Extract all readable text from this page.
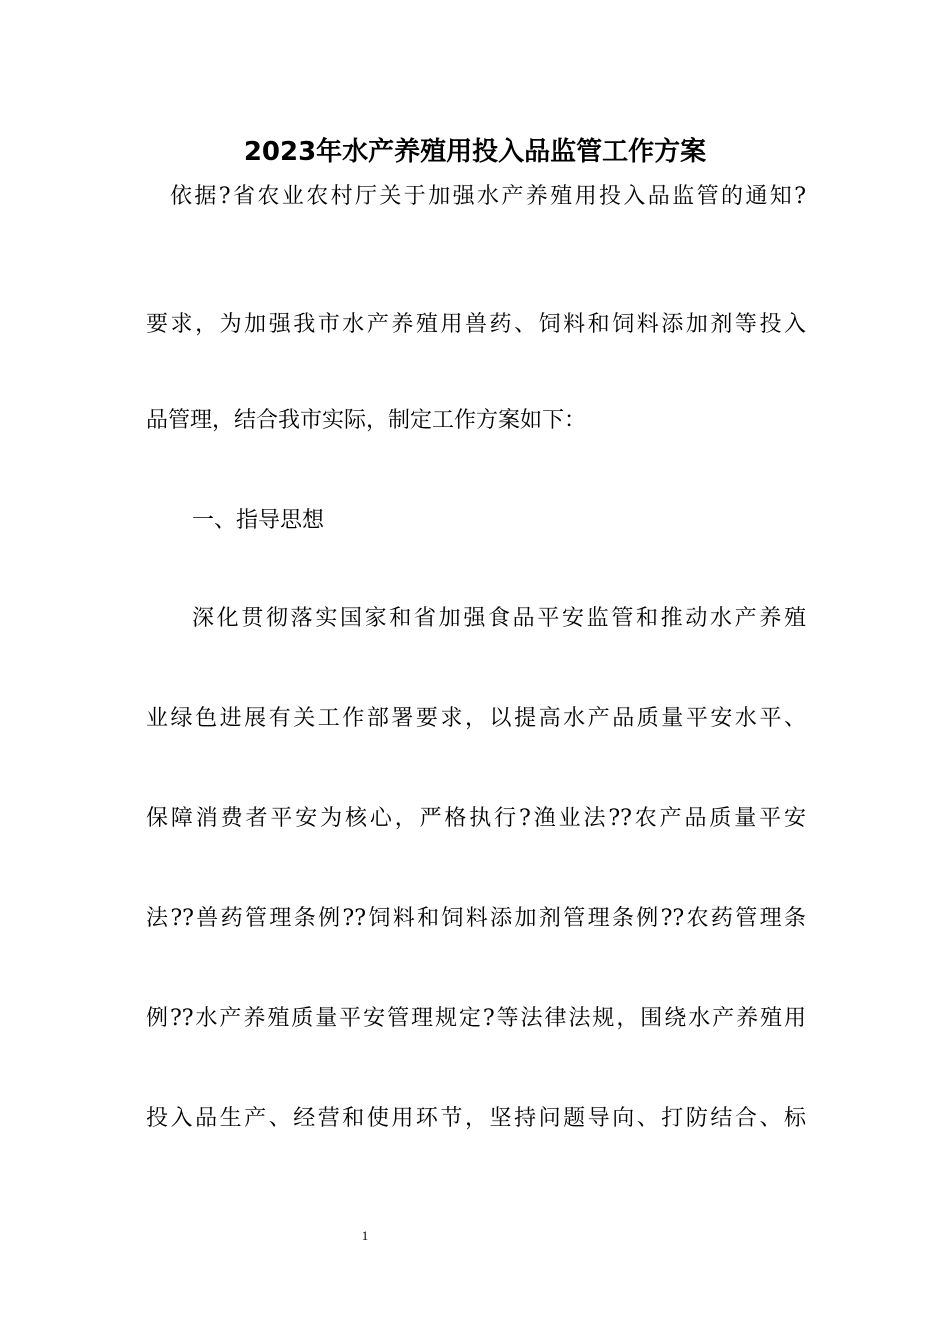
2023年水产养殖用投入品监管工作方案
依据?省农业农村厅关于加强水产养殖用投入品监管的通知?
要求，为加强我市水产养殖用兽药、饲料和饲料添加剂等投入
品管理，结合我市实际，制定工作方案如下：
一、指导思想
深化贯彻落实国家和省加强食品平安监管和推动水产养殖
业绿色进展有关工作部署要求，以提高水产品质量平安水平、
保障消费者平安为核心，严格执行?渔业法??农产品质量平安
法??兽药管理条例??饲料和饲料添加剂管理条例??农药管理条
例??水产养殖质量平安管理规定?等法律法规，围绕水产养殖用
投入品生产、经营和使用环节，坚持问题导向、打防结合、标
1
